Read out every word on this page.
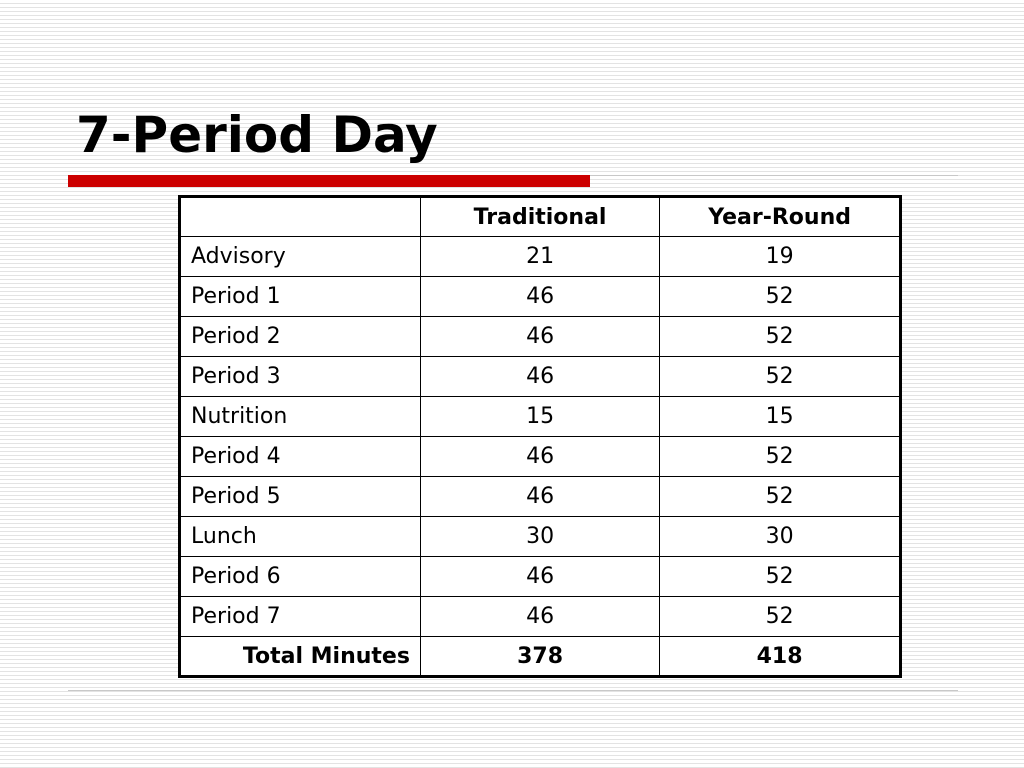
7-Period Day
	Traditional	Year-Round
Advisory	21	19
Period 1	46	52
Period 2	46	52
Period 3	46	52
Nutrition	15	15
Period 4	46	52
Period 5	46	52
Lunch	30	30
Period 6	46	52
Period 7	46	52
Total Minutes	378	418
